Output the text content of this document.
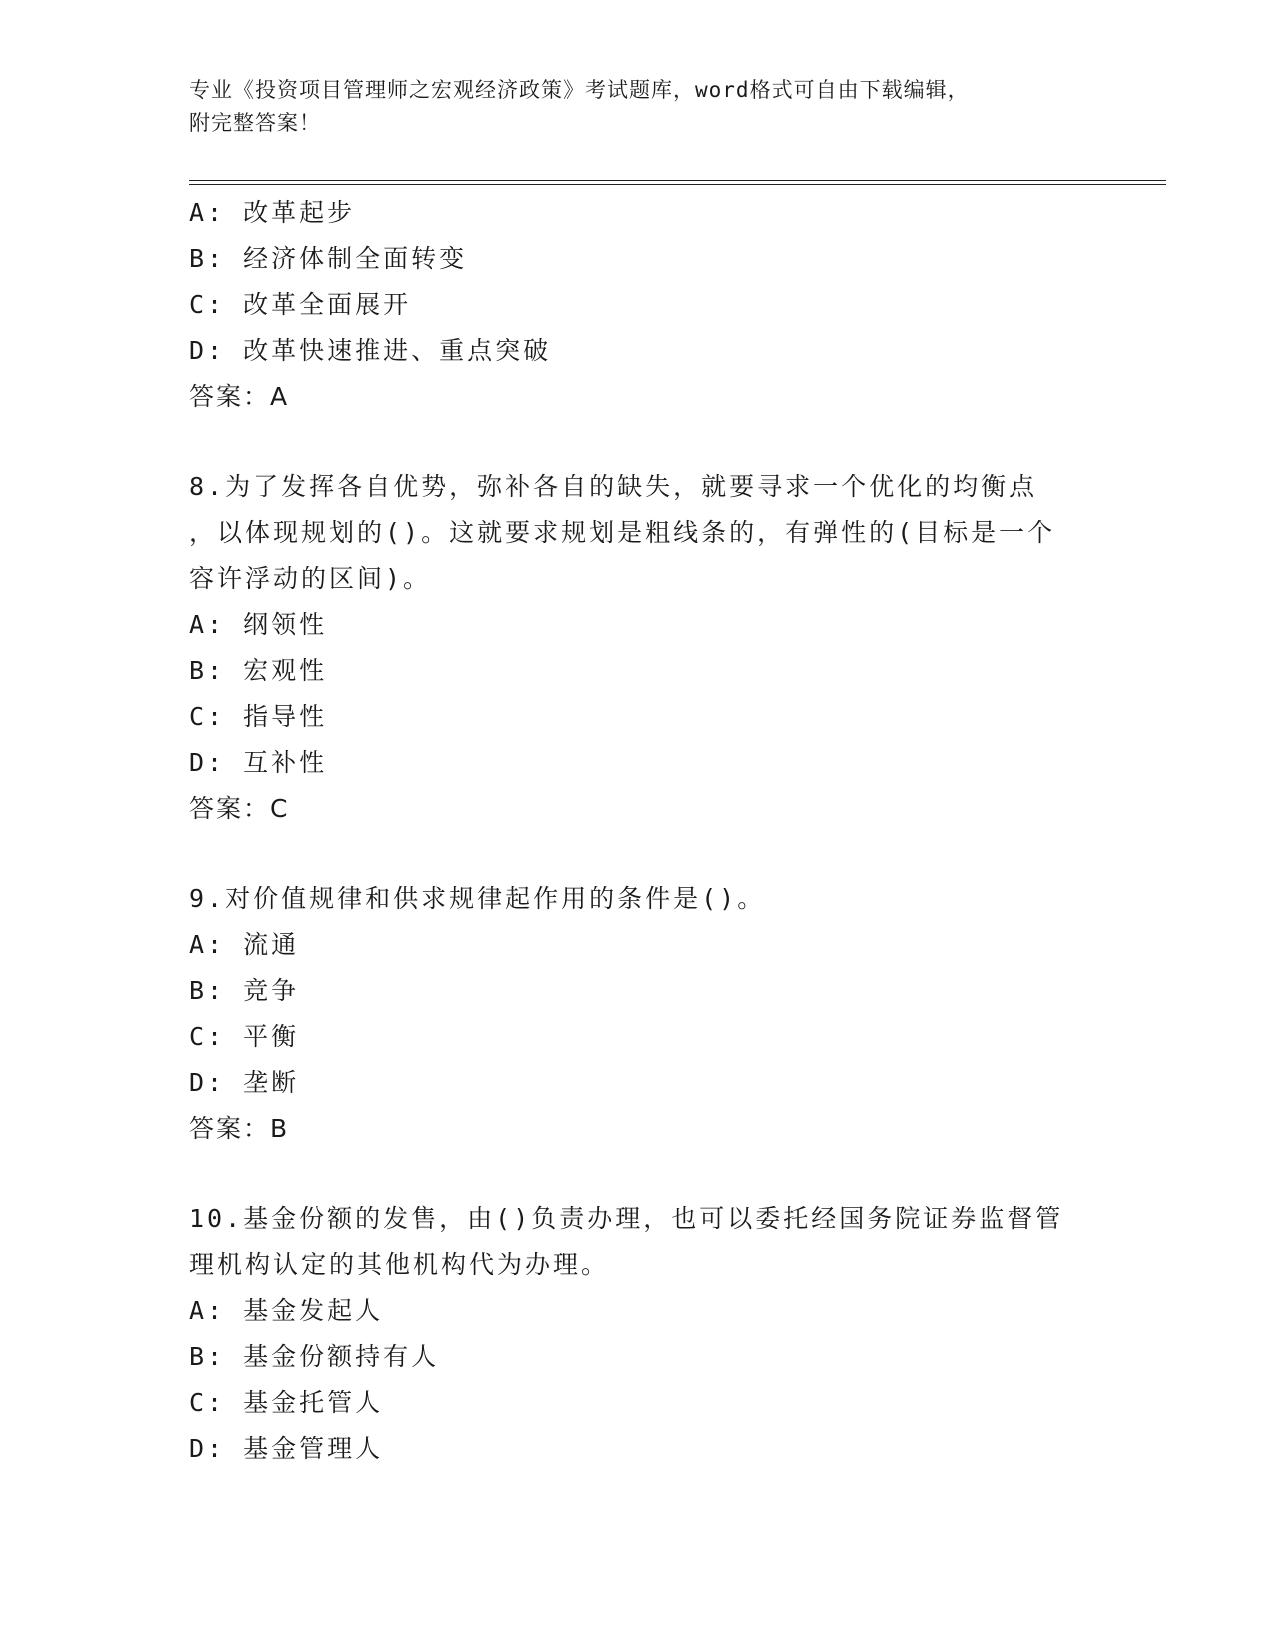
专业《投资项目管理师之宏观经济政策》考试题库，word格式可自由下载编辑，
附完整答案！
A: 改革起步
B: 经济体制全面转变
C: 改革全面展开
D: 改革快速推进、重点突破
答案：A
8.为了发挥各自优势，弥补各自的缺失，就要寻求一个优化的均衡点
，以体现规划的()。这就要求规划是粗线条的，有弹性的(目标是一个
容许浮动的区间)。
A: 纲领性
B: 宏观性
C: 指导性
D: 互补性
答案：C
9.对价值规律和供求规律起作用的条件是()。
A: 流通
B: 竞争
C: 平衡
D: 垄断
答案：B
10.基金份额的发售，由()负责办理，也可以委托经国务院证券监督管
理机构认定的其他机构代为办理。
A: 基金发起人
B: 基金份额持有人
C: 基金托管人
D: 基金管理人
